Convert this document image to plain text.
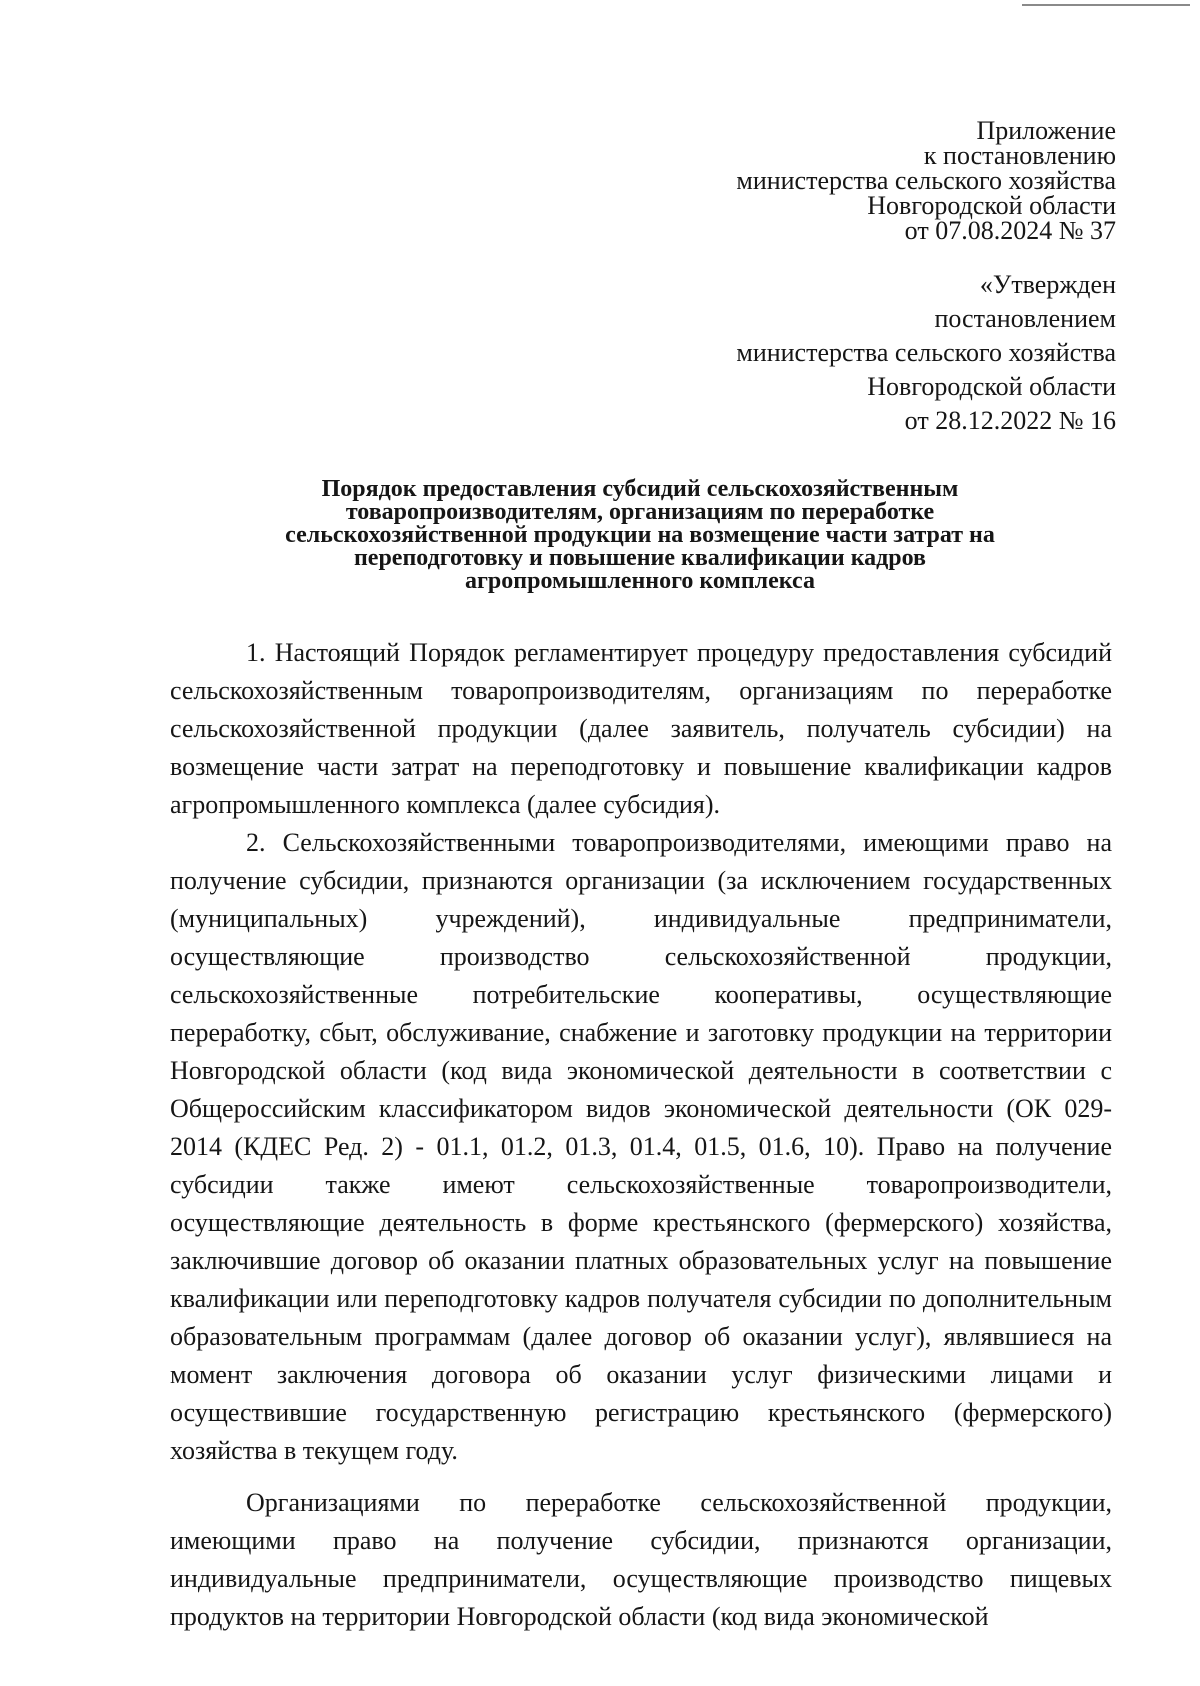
Приложение
к постановлению
министерства сельского хозяйства
Новгородской области
от 07.08.2024 № 37
«Утвержден
постановлением
министерства сельского хозяйства
Новгородской области
от 28.12.2022 № 16
Порядок предоставления субсидий сельскохозяйственным
товаропроизводителям, организациям по переработке
сельскохозяйственной продукции на возмещение части затрат на
переподготовку и повышение квалификации кадров
агропромышленного комплекса

1. Настоящий Порядок регламентирует процедуру предоставления субсидий сельскохозяйственным товаропроизводителям, организациям по переработке сельскохозяйственной продукции (далее заявитель, получатель субсидии) на возмещение части затрат на переподготовку и повышение квалификации кадров агропромышленного комплекса (далее субсидия).

2. Сельскохозяйственными товаропроизводителями, имеющими право на получение субсидии, признаются организации (за исключением государственных (муниципальных) учреждений), индивидуальные предприниматели, осуществляющие производство сельскохозяйственной продукции, сельскохозяйственные потребительские кооперативы, осуществляющие переработку, сбыт, обслуживание, снабжение и заготовку продукции на территории Новгородской области (код вида экономической деятельности в соответствии с Общероссийским классификатором видов экономической деятельности (ОК 029-2014 (КДЕС Ред. 2) - 01.1, 01.2, 01.3, 01.4, 01.5, 01.6, 10). Право на получение субсидии также имеют сельскохозяйственные товаропроизводители, осуществляющие деятельность в форме крестьянского (фермерского) хозяйства, заключившие договор об оказании платных образовательных услуг на повышение квалификации или переподготовку кадров получателя субсидии по дополнительным образовательным программам (далее договор об оказании услуг), являвшиеся на момент заключения договора об оказании услуг физическими лицами и осуществившие государственную регистрацию крестьянского (фермерского) хозяйства в текущем году.

Организациями по переработке сельскохозяйственной продукции, имеющими право на получение субсидии, признаются организации, индивидуальные предприниматели, осуществляющие производство пищевых продуктов на территории Новгородской области (код вида экономической
